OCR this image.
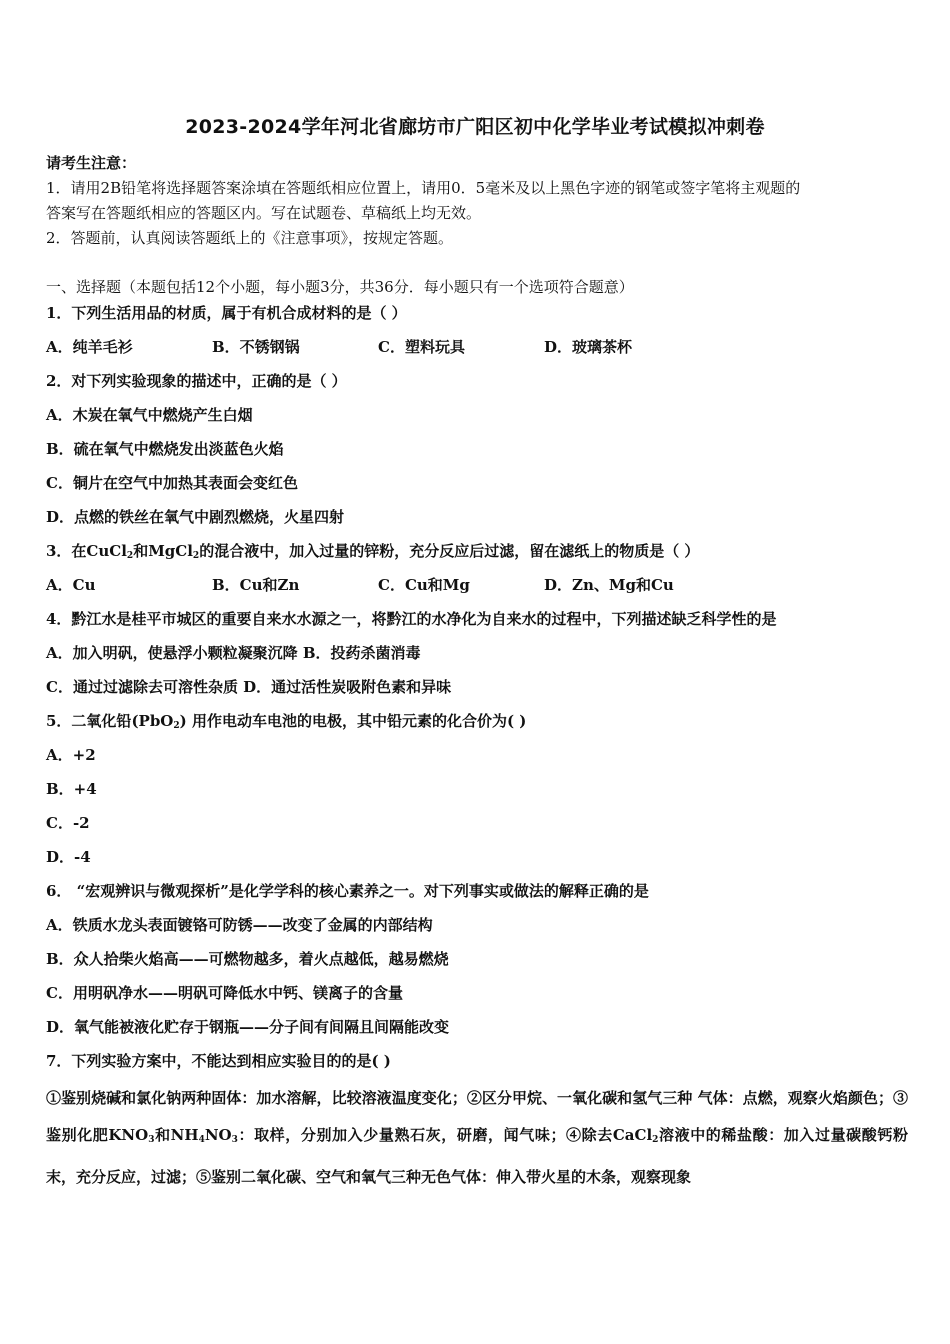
2023-2024学年河北省廊坊市广阳区初中化学毕业考试模拟冲刺卷
请考生注意：
1．请用2B铅笔将选择题答案涂填在答题纸相应位置上，请用0．5毫米及以上黑色字迹的钢笔或签字笔将主观题的
答案写在答题纸相应的答题区内。写在试题卷、草稿纸上均无效。
2．答题前，认真阅读答题纸上的《注意事项》，按规定答题。
一、选择题（本题包括12个小题，每小题3分，共36分．每小题只有一个选项符合题意）
1．下列生活用品的材质，属于有机合成材料的是（ ）
A．纯羊毛衫	B．不锈钢锅	C．塑料玩具	D．玻璃茶杯
2．对下列实验现象的描述中，正确的是（ ）
A．木炭在氧气中燃烧产生白烟
B．硫在氧气中燃烧发出淡蓝色火焰
C．铜片在空气中加热其表面会变红色
D．点燃的铁丝在氧气中剧烈燃烧，火星四射
3．在CuCl$_2$和MgCl$_2$的混合液中，加入过量的锌粉，充分反应后过滤，留在滤纸上的物质是（ ）
A．Cu	B．Cu和Zn	C．Cu和Mg	D．Zn、Mg和Cu
4．黔江水是桂平市城区的重要自来水水源之一，将黔江的水净化为自来水的过程中，下列描述缺乏科学性的是
A．加入明矾，使悬浮小颗粒凝聚沉降 B．投药杀菌消毒
C．通过过滤除去可溶性杂质 D．通过活性炭吸附色素和异味
5．二氧化铅(PbO$_2$) 用作电动车电池的电极，其中铅元素的化合价为( )
A．+2
B．+4
C．-2
D．-4
6． “宏观辨识与微观探析”是化学学科的核心素养之一。对下列事实或做法的解释正确的是
A．铁质水龙头表面镀铬可防锈——改变了金属的内部结构
B．众人拾柴火焰高——可燃物越多，着火点越低，越易燃烧
C．用明矾净水——明矾可降低水中钙、镁离子的含量
D．氧气能被液化贮存于钢瓶——分子间有间隔且间隔能改变
7．下列实验方案中，不能达到相应实验目的的是( )
①鉴别烧碱和氯化钠两种固体：加水溶解，比较溶液温度变化；②区分甲烷、一氧化碳和氢气三种 气体：点燃，观察火焰颜色；③鉴别化肥$KNO_3$和$NH_4NO_3$：取样，分别加入少量熟石灰，研磨，闻气味；④除去CaCl$_2$溶液中的稀盐酸：加入过量碳酸钙粉末，充分反应，过滤；⑤鉴别二氧化碳、空气和氧气三种无色气体：伸入带火星的木条，观察现象
